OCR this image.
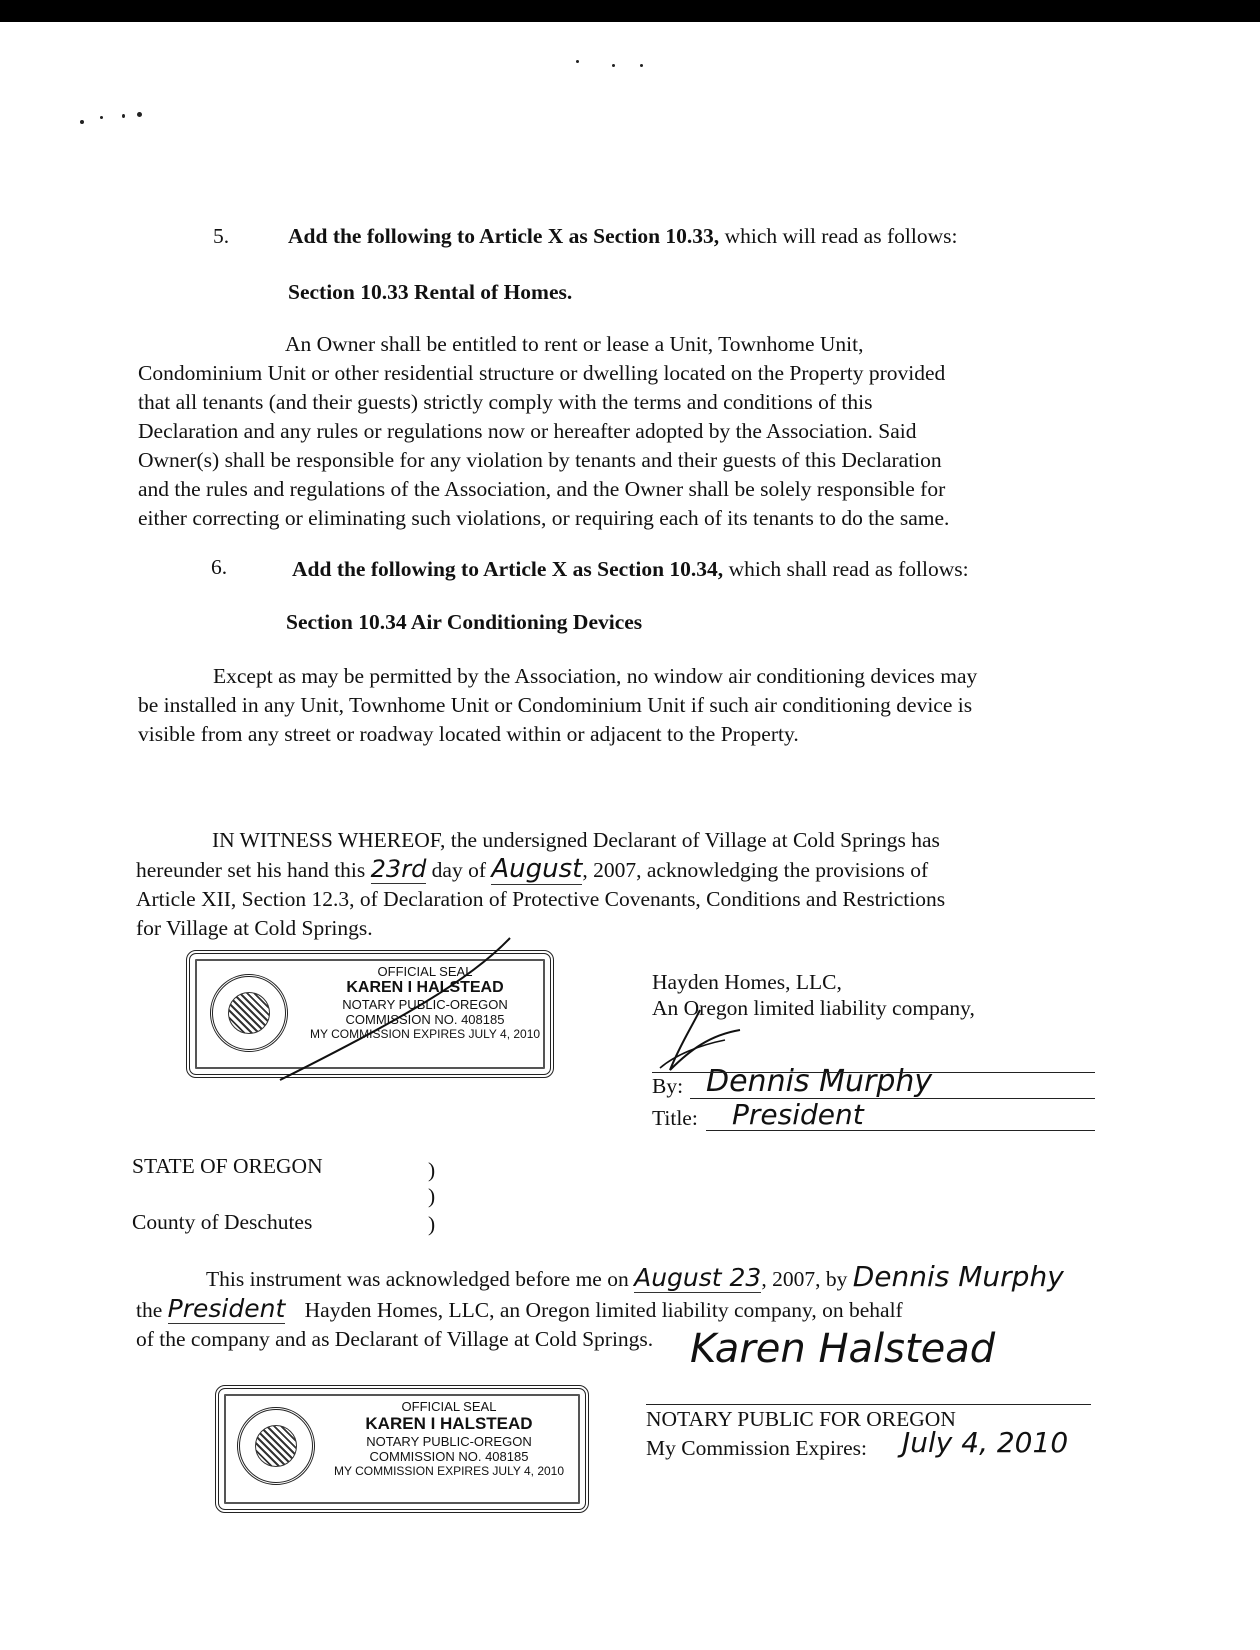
5.	Add the following to Article X as Section 10.33, which will read as follows:
Section 10.33 Rental of Homes.
An Owner shall be entitled to rent or lease a Unit, Townhome Unit,
Condominium Unit or other residential structure or dwelling located on the Property provided
that all tenants (and their guests) strictly comply with the terms and conditions of this
Declaration and any rules or regulations now or hereafter adopted by the Association. Said
Owner(s) shall be responsible for any violation by tenants and their guests of this Declaration
and the rules and regulations of the Association, and the Owner shall be solely responsible for
either correcting or eliminating such violations, or requiring each of its tenants to do the same.
6.	Add the following to Article X as Section 10.34, which shall read as follows:
Section 10.34 Air Conditioning Devices
Except as may be permitted by the Association, no window air conditioning devices may
be installed in any Unit, Townhome Unit or Condominium Unit if such air conditioning device is
visible from any street or roadway located within or adjacent to the Property.
IN WITNESS WHEREOF, the undersigned Declarant of Village at Cold Springs has
hereunder set his hand this 23rd day of August, 2007, acknowledging the provisions of
Article XII, Section 12.3, of Declaration of Protective Covenants, Conditions and Restrictions
for Village at Cold Springs.
OFFICIAL SEAL
KAREN I HALSTEAD
NOTARY PUBLIC-OREGON
COMMISSION NO. 408185
MY COMMISSION EXPIRES JULY 4, 2010
Hayden Homes, LLC,
An Oregon limited liability company,
By: Dennis Murphy
Title: President
STATE OF OREGON	)
)
County of Deschutes	)
This instrument was acknowledged before me on August 23, 2007, by Dennis Murphy
the President Hayden Homes, LLC, an Oregon limited liability company, on behalf
of the company and as Declarant of Village at Cold Springs. Karen Halstead
NOTARY PUBLIC FOR OREGON
My Commission Expires: July 4, 2010
OFFICIAL SEAL
KAREN I HALSTEAD
NOTARY PUBLIC-OREGON
COMMISSION NO. 408185
MY COMMISSION EXPIRES JULY 4, 2010
